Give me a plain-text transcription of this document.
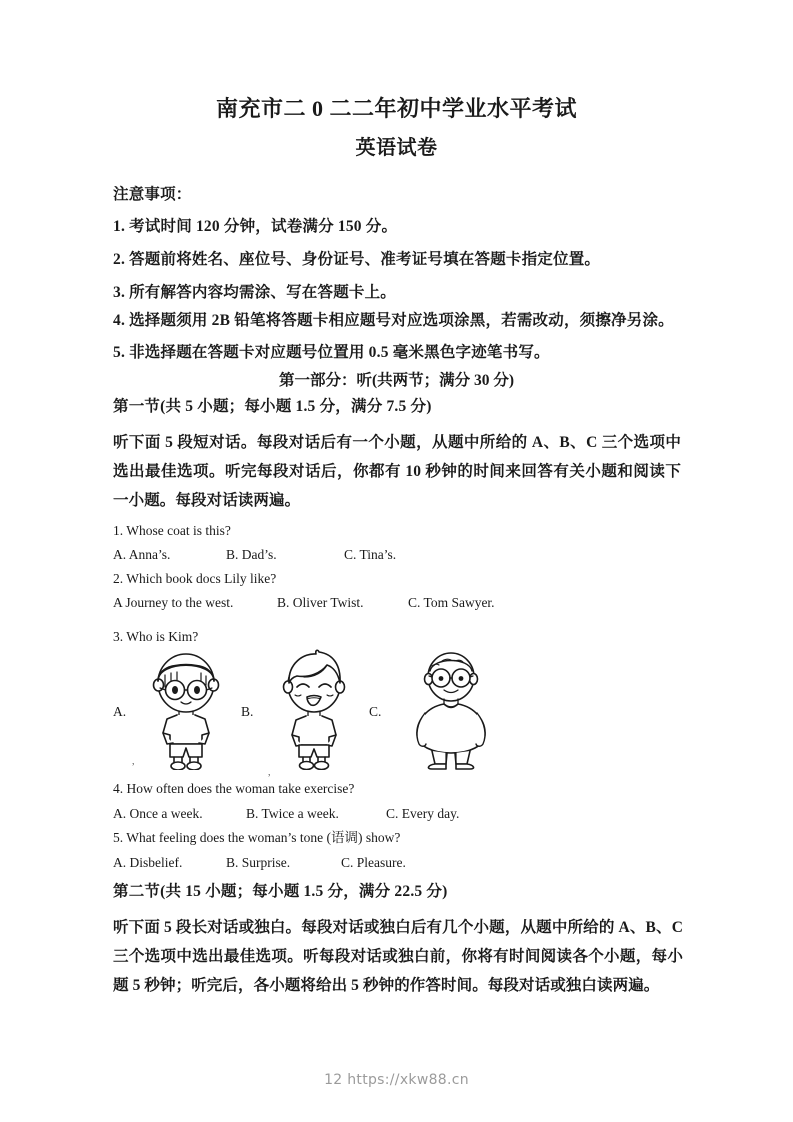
南充市二 0 二二年初中学业水平考试
英语试卷
注意事项：
1. 考试时间 120 分钟，试卷满分 150 分。
2. 答题前将姓名、座位号、身份证号、准考证号填在答题卡指定位置。
3. 所有解答内容均需涂、写在答题卡上。
4. 选择题须用 2B 铅笔将答题卡相应题号对应选项涂黑，若需改动，须擦净另涂。
5. 非选择题在答题卡对应题号位置用 0.5 毫米黑色字迹笔书写。
第一部分：听(共两节；满分 30 分)
第一节(共 5 小题；每小题 1.5 分，满分 7.5 分)
听下面 5 段短对话。每段对话后有一个小题，从题中所给的 A、B、C 三个选项中选出最佳选项。听完每段对话后，你都有 10 秒钟的时间来回答有关小题和阅读下一小题。每段对话读两遍。
1. Whose coat is this?
A. Anna’s.	B. Dad’s.	C. Tina’s.
2. Which book docs Lily like?
A Journey to the west.	B. Oliver Twist.	C. Tom Sawyer.
3. Who is Kim?
A.	B.	C.
,
,
4. How often does the woman take exercise?
A. Once a week.	B. Twice a week.	C. Every day.
5. What feeling does the woman’s tone (语调) show?
A. Disbelief.	B. Surprise.	C. Pleasure.
第二节(共 15 小题；每小题 1.5 分，满分 22.5 分)
听下面 5 段长对话或独白。每段对话或独白后有几个小题，从题中所给的 A、B、C 三个选项中选出最佳选项。听每段对话或独白前，你将有时间阅读各个小题，每小题 5 秒钟；听完后，各小题将给出 5 秒钟的作答时间。每段对话或独白读两遍。
12 https://xkw88.cn
